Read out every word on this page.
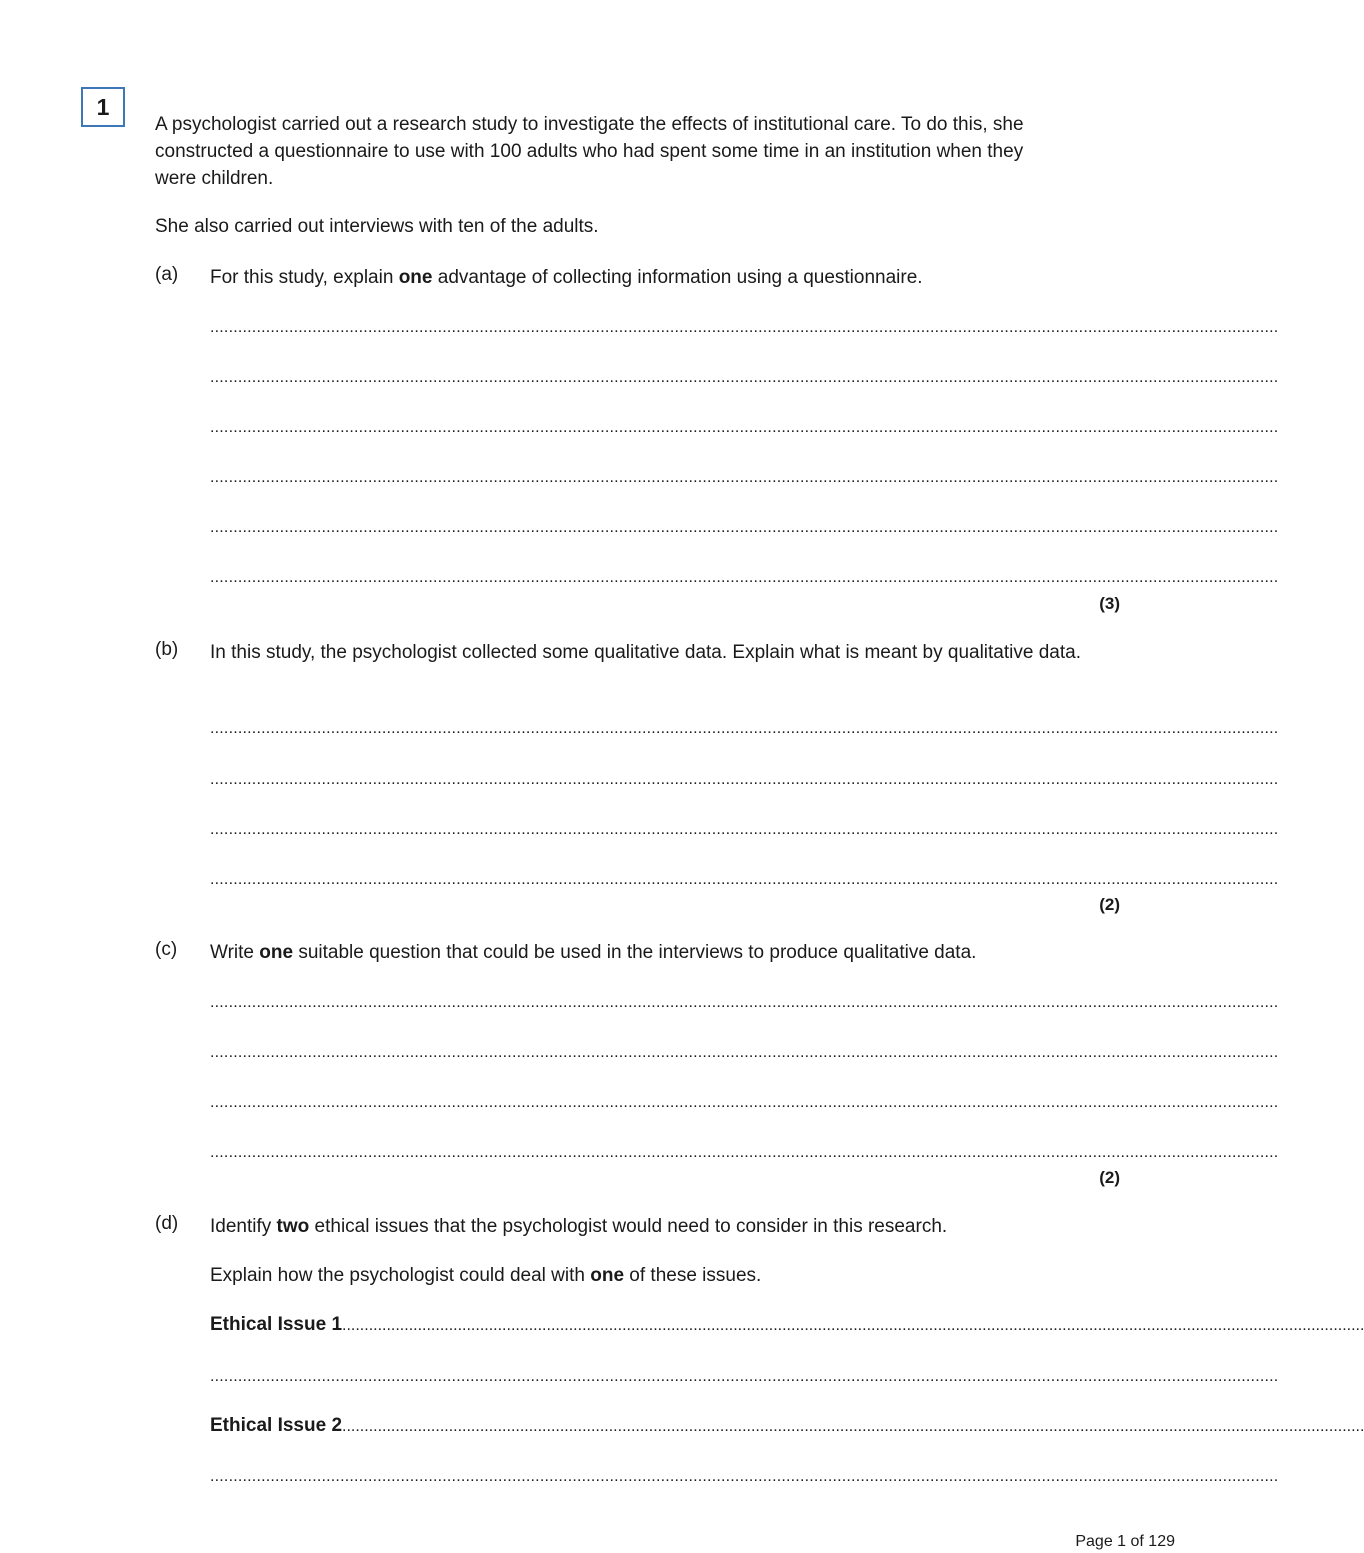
1
A psychologist carried out a research study to investigate the effects of institutional care. To do this, she constructed a questionnaire to use with 100 adults who had spent some time in an institution when they were children.
She also carried out interviews with ten of the adults.
(a) For this study, explain one advantage of collecting information using a questionnaire.
......................................................................................................................................................................................................................................
......................................................................................................................................................................................................................................
......................................................................................................................................................................................................................................
......................................................................................................................................................................................................................................
......................................................................................................................................................................................................................................
......................................................................................................................................................................................................................................
(3)
(b) In this study, the psychologist collected some qualitative data. Explain what is meant by qualitative data.
......................................................................................................................................................................................................................................
......................................................................................................................................................................................................................................
......................................................................................................................................................................................................................................
......................................................................................................................................................................................................................................
(2)
(c) Write one suitable question that could be used in the interviews to produce qualitative data.
......................................................................................................................................................................................................................................
......................................................................................................................................................................................................................................
......................................................................................................................................................................................................................................
......................................................................................................................................................................................................................................
(2)
(d) Identify two ethical issues that the psychologist would need to consider in this research.
Explain how the psychologist could deal with one of these issues.
Ethical Issue 1......................................................................................................................................................................................................................................
......................................................................................................................................................................................................................................
Ethical Issue 2......................................................................................................................................................................................................................................
......................................................................................................................................................................................................................................
Page 1 of 129
